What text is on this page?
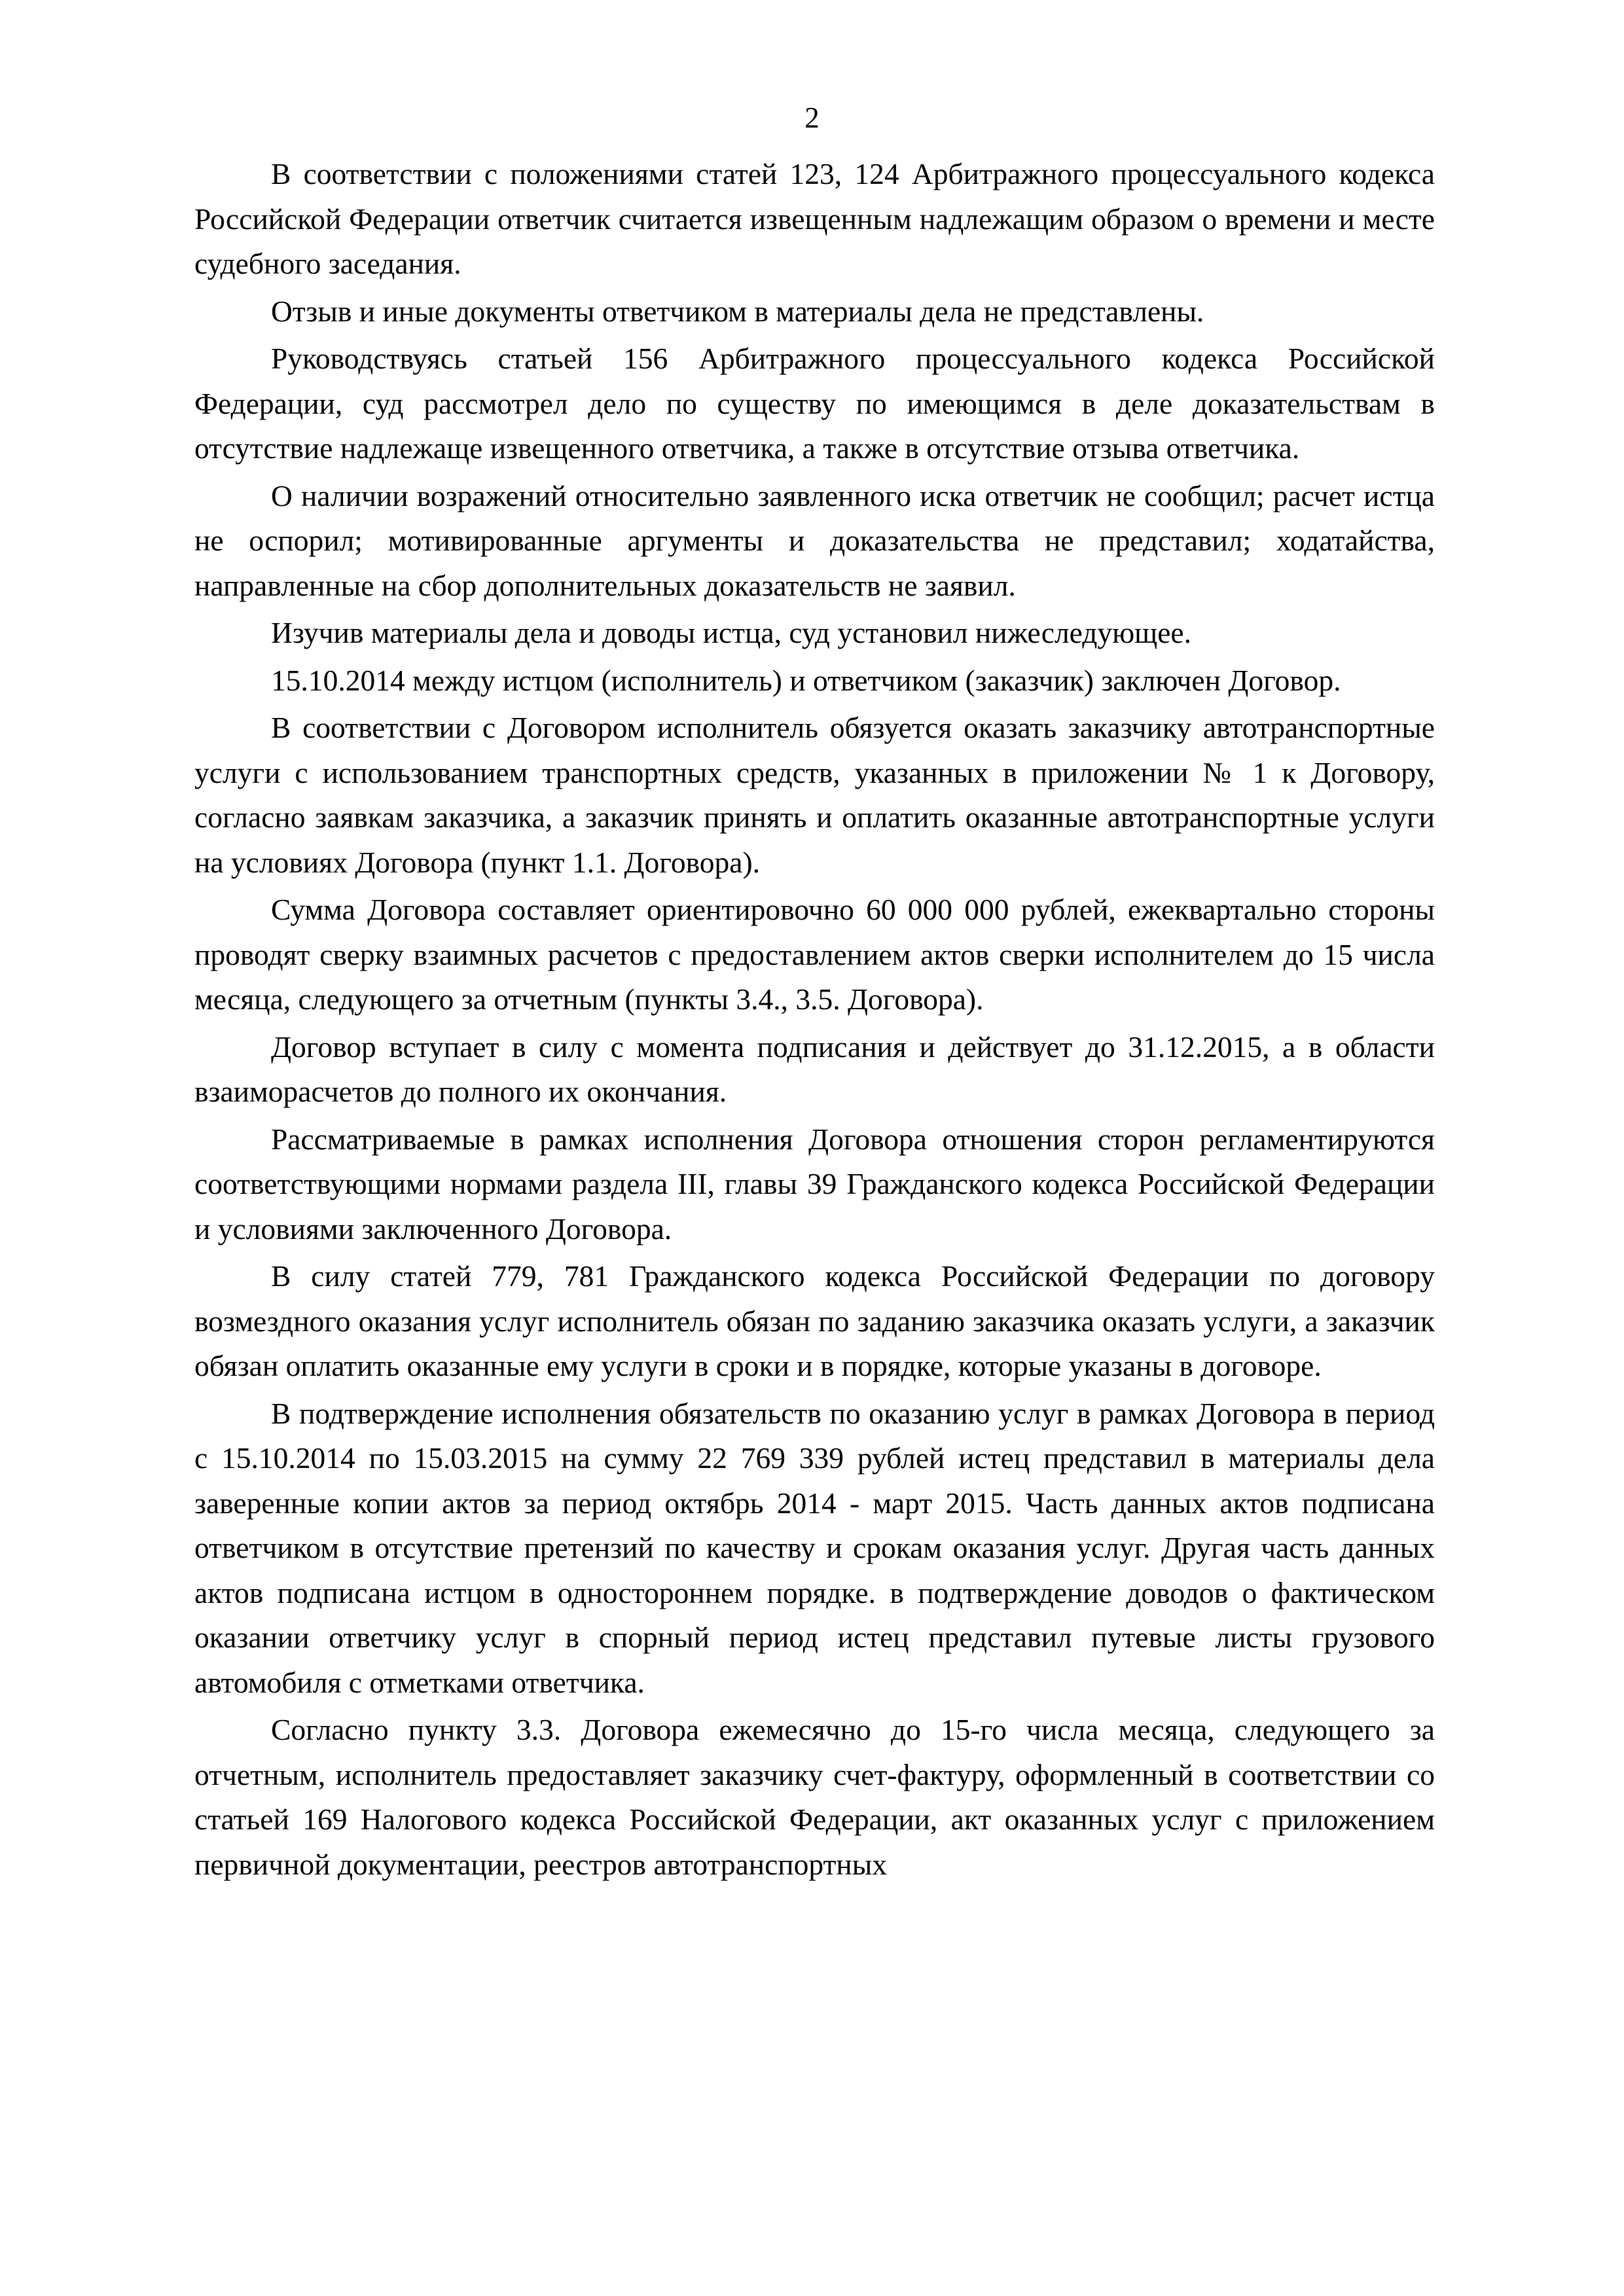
2

В соответствии с положениями статей 123, 124 Арбитражного процессуального кодекса Российской Федерации ответчик считается извещенным надлежащим образом о времени и месте судебного заседания.

Отзыв и иные документы ответчиком в материалы дела не представлены.

Руководствуясь статьей 156 Арбитражного процессуального кодекса Российской Федерации, суд рассмотрел дело по существу по имеющимся в деле доказательствам в отсутствие надлежаще извещенного ответчика, а также в отсутствие отзыва ответчика.

О наличии возражений относительно заявленного иска ответчик не сообщил; расчет истца не оспорил; мотивированные аргументы и доказательства не представил; ходатайства, направленные на сбор дополнительных доказательств не заявил.

Изучив материалы дела и доводы истца, суд установил нижеследующее.

15.10.2014 между истцом (исполнитель) и ответчиком (заказчик) заключен Договор.

В соответствии с Договором исполнитель обязуется оказать заказчику автотранспортные услуги с использованием транспортных средств, указанных в приложении № 1 к Договору, согласно заявкам заказчика, а заказчик принять и оплатить оказанные автотранспортные услуги на условиях Договора (пункт 1.1. Договора).

Сумма Договора составляет ориентировочно 60 000 000 рублей, ежеквартально стороны проводят сверку взаимных расчетов с предоставлением актов сверки исполнителем до 15 числа месяца, следующего за отчетным (пункты 3.4., 3.5. Договора).

Договор вступает в силу с момента подписания и действует до 31.12.2015, а в области взаиморасчетов до полного их окончания.

Рассматриваемые в рамках исполнения Договора отношения сторон регламентируются соответствующими нормами раздела III, главы 39 Гражданского кодекса Российской Федерации и условиями заключенного Договора.

В силу статей 779, 781 Гражданского кодекса Российской Федерации по договору возмездного оказания услуг исполнитель обязан по заданию заказчика оказать услуги, а заказчик обязан оплатить оказанные ему услуги в сроки и в порядке, которые указаны в договоре.

В подтверждение исполнения обязательств по оказанию услуг в рамках Договора в период с 15.10.2014 по 15.03.2015 на сумму 22 769 339 рублей истец представил в материалы дела заверенные копии актов за период октябрь 2014 - март 2015. Часть данных актов подписана ответчиком в отсутствие претензий по качеству и срокам оказания услуг. Другая часть данных актов подписана истцом в одностороннем порядке. в подтверждение доводов о фактическом оказании ответчику услуг в спорный период истец представил путевые листы грузового автомобиля с отметками ответчика.

Согласно пункту 3.3. Договора ежемесячно до 15-го числа месяца, следующего за отчетным, исполнитель предоставляет заказчику счет-фактуру, оформленный в соответствии со статьей 169 Налогового кодекса Российской Федерации, акт оказанных услуг с приложением первичной документации, реестров автотранспортных
